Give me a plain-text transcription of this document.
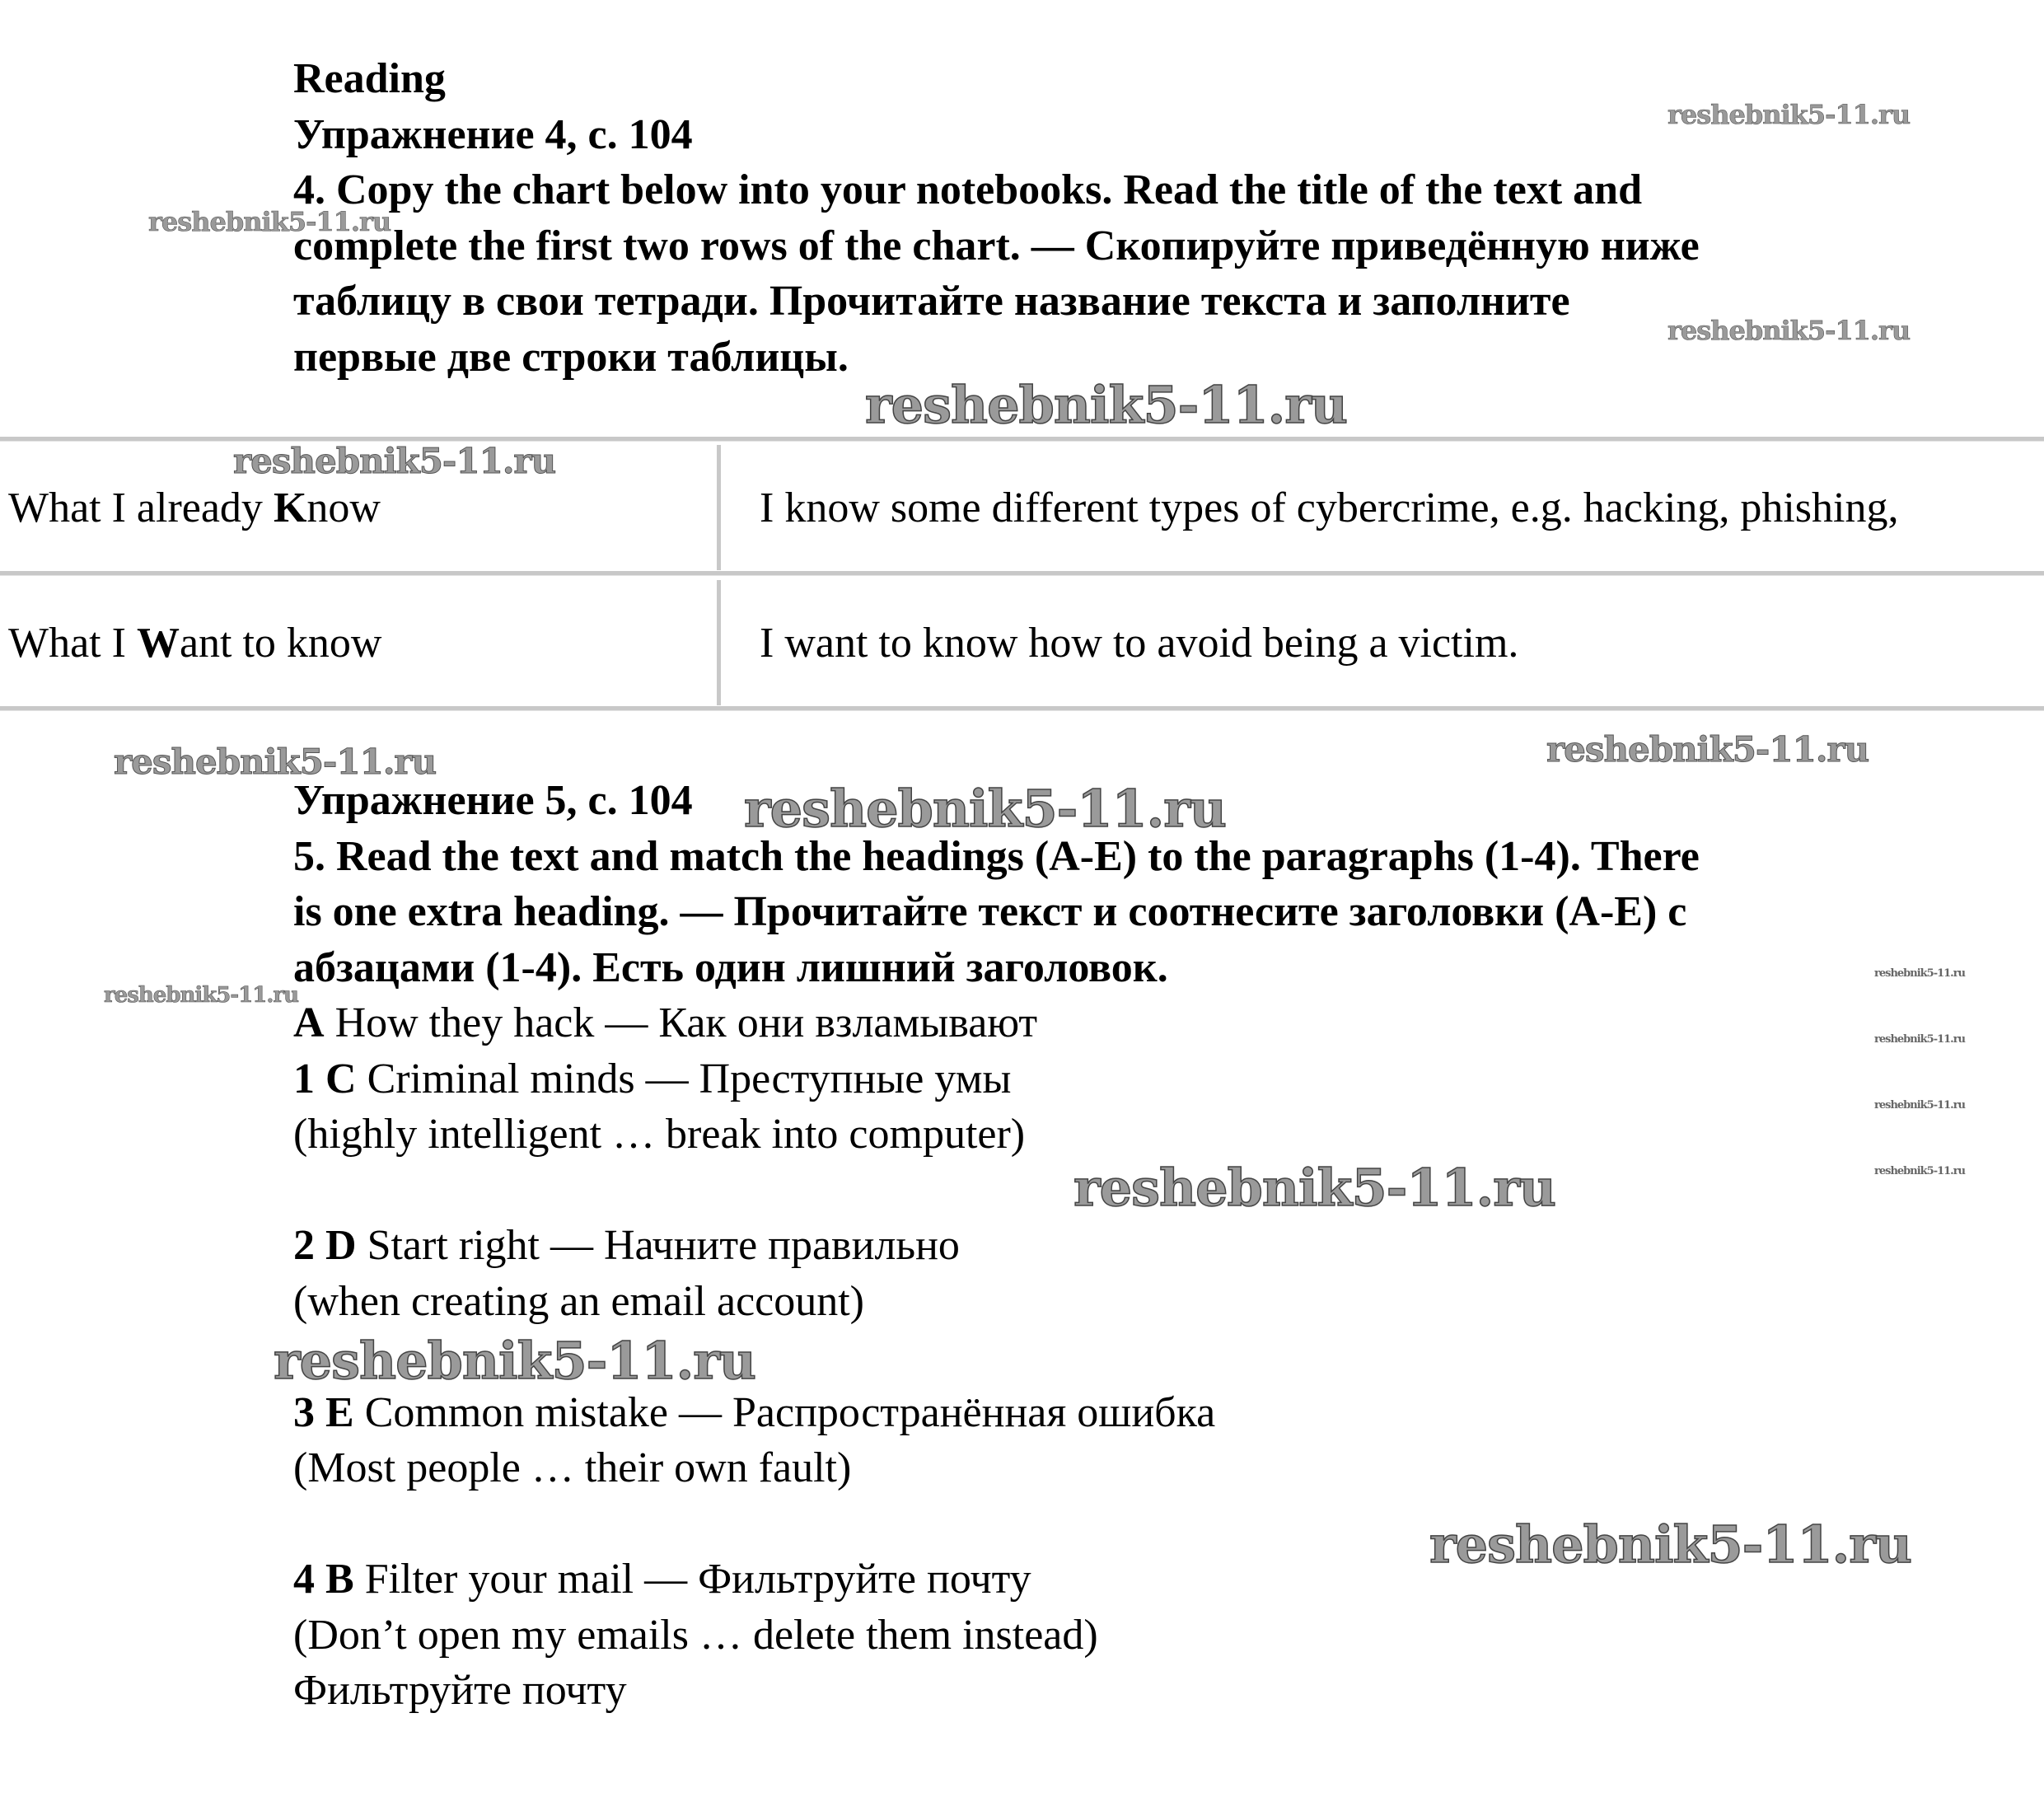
Reading
Упражнение 4, с. 104
4. Copy the chart below into your notebooks. Read the title of the text and
complete the first two rows of the chart. — Скопируйте приведённую ниже
таблицу в свои тетради. Прочитайте название текста и заполните
первые две строки таблицы.
What I already Know	I know some different types of cybercrime, e.g. hacking, phishing,
What I Want to know	I want to know how to avoid being a victim.
Упражнение 5, с. 104
5. Read the text and match the headings (A-E) to the paragraphs (1-4). There
is one extra heading. — Прочитайте текст и соотнесите заголовки (A-E) с
абзацами (1-4). Есть один лишний заголовок.
A How they hack — Как они взламывают
1 C Criminal minds — Преступные умы
(highly intelligent … break into computer)
2 D Start right — Начните правильно
(when creating an email account)
3 E Common mistake — Распространённая ошибка
(Most people … their own fault)
4 B Filter your mail — Фильтруйте почту
(Don’t open my emails … delete them instead)
Фильтруйте почту
reshebnik5-11.ru
reshebnik5-11.ru
reshebnik5-11.ru
reshebnik5-11.ru
reshebnik5-11.ru
reshebnik5-11.ru	reshebnik5-11.ru
reshebnik5-11.ru
reshebnik5-11.ru
reshebnik5-11.ru
reshebnik5-11.ru
reshebnik5-11.ru
reshebnik5-11.ru
reshebnik5-11.ru
reshebnik5-11.ru
reshebnik5-11.ru
